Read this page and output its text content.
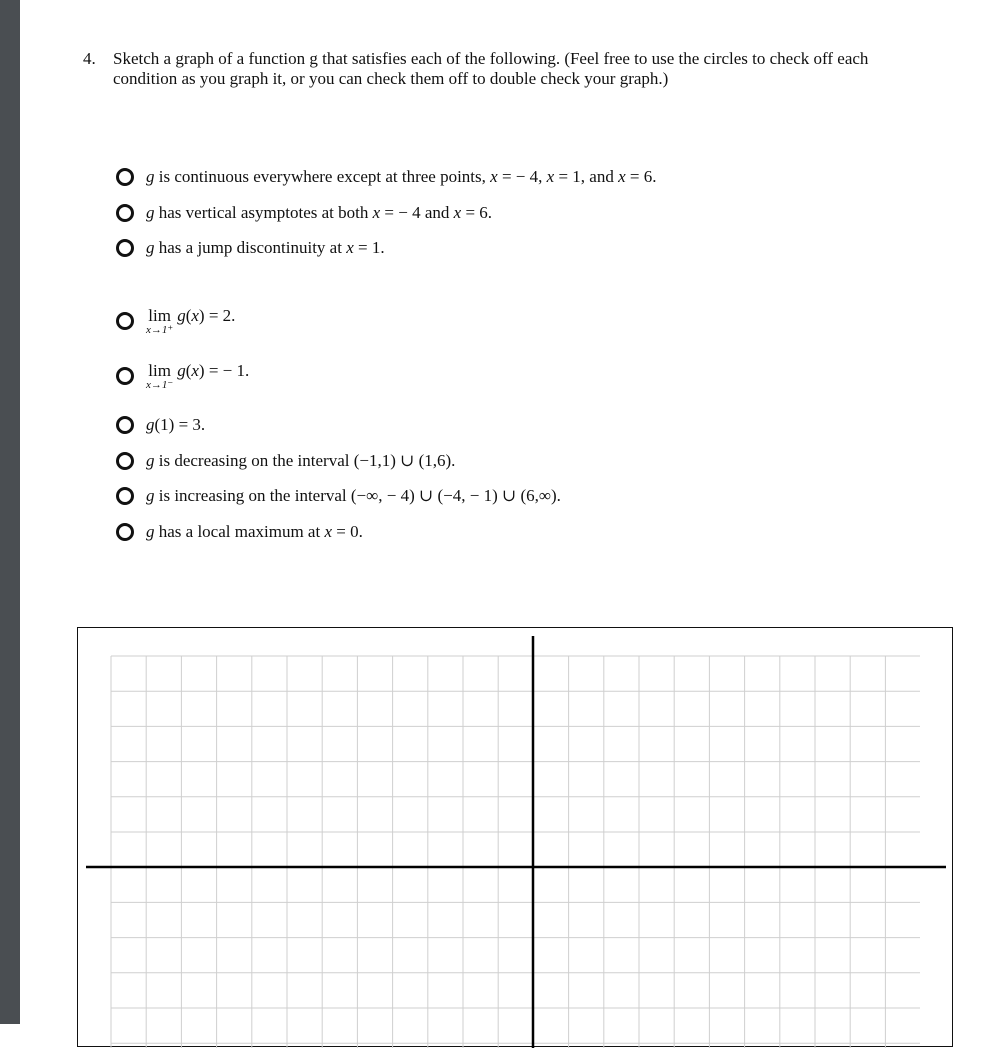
4. Sketch a graph of a function g that satisfies each of the following. (Feel free to use the circles to check off each condition as you graph it, or you can check them off to double check your graph.)
g is continuous everywhere except at three points, x = − 4, x = 1, and x = 6.
g has vertical asymptotes at both x = − 4 and x = 6.
g has a jump discontinuity at x = 1.
lim
x→1⁺
g(x) = 2.
lim
x→1⁻
g(x) = − 1.
g(1) = 3.
g is decreasing on the interval (−1,1) ∪ (1,6).
g is increasing on the interval (−∞, − 4) ∪ (−4, − 1) ∪ (6,∞).
g has a local maximum at x = 0.
